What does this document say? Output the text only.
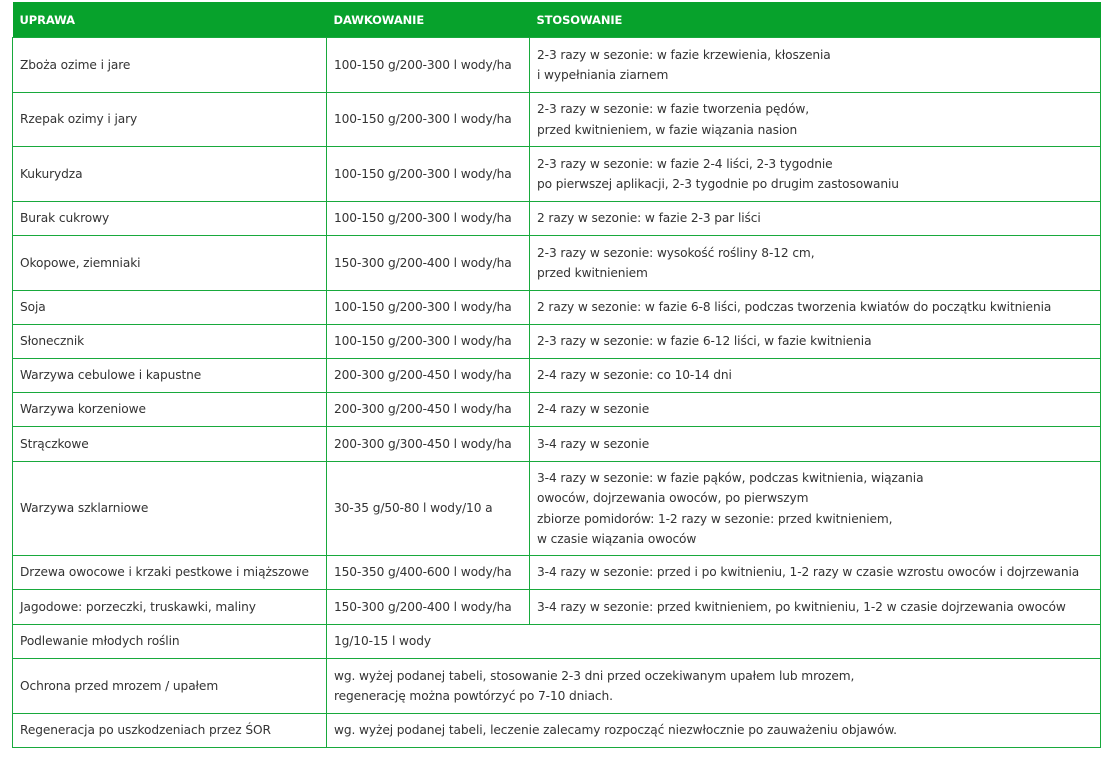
UPRAWA	DAWKOWANIE	STOSOWANIE
Zboża ozime i jare	100-150 g/200-300 l wody/ha	2-3 razy w sezonie: w fazie krzewienia, kłoszenia
i wypełniania ziarnem

Rzepak ozimy i jary	100-150 g/200-300 l wody/ha	2-3 razy w sezonie: w fazie tworzenia pędów,
przed kwitnieniem, w fazie wiązania nasion

Kukurydza	100-150 g/200-300 l wody/ha	2-3 razy w sezonie: w fazie 2-4 liści, 2-3 tygodnie
po pierwszej aplikacji, 2-3 tygodnie po drugim zastosowaniu

Burak cukrowy	100-150 g/200-300 l wody/ha	2 razy w sezonie: w fazie 2-3 par liści

Okopowe, ziemniaki	150-300 g/200-400 l wody/ha	2-3 razy w sezonie: wysokość rośliny 8-12 cm,
przed kwitnieniem

Soja	100-150 g/200-300 l wody/ha	2 razy w sezonie: w fazie 6-8 liści, podczas tworzenia kwiatów do początku kwitnienia

Słonecznik	100-150 g/200-300 l wody/ha	2-3 razy w sezonie: w fazie 6-12 liści, w fazie kwitnienia

Warzywa cebulowe i kapustne	200-300 g/200-450 l wody/ha	2-4 razy w sezonie: co 10-14 dni

Warzywa korzeniowe	200-300 g/200-450 l wody/ha	2-4 razy w sezonie

Strączkowe	200-300 g/300-450 l wody/ha	3-4 razy w sezonie

Warzywa szklarniowe	30-35 g/50-80 l wody/10 a	3-4 razy w sezonie: w fazie pąków, podczas kwitnienia, wiązania
owoców, dojrzewania owoców, po pierwszym
zbiorze pomidorów: 1-2 razy w sezonie: przed kwitnieniem,
w czasie wiązania owoców

Drzewa owocowe i krzaki pestkowe i miąższowe	150-350 g/400-600 l wody/ha	3-4 razy w sezonie: przed i po kwitnieniu, 1-2 razy w czasie wzrostu owoców i dojrzewania

Jagodowe: porzeczki, truskawki, maliny	150-300 g/200-400 l wody/ha	3-4 razy w sezonie: przed kwitnieniem, po kwitnieniu, 1-2 w czasie dojrzewania owoców

Podlewanie młodych roślin	1g/10-15 l wody	

Ochrona przed mrozem / upałem	wg. wyżej podanej tabeli, stosowanie 2-3 dni przed oczekiwanym upałem lub mrozem,
regenerację można powtórzyć po 7-10 dniach.	

Regeneracja po uszkodzeniach przez ŚOR	wg. wyżej podanej tabeli, leczenie zalecamy rozpocząć niezwłocznie po zauważeniu objawów.	
